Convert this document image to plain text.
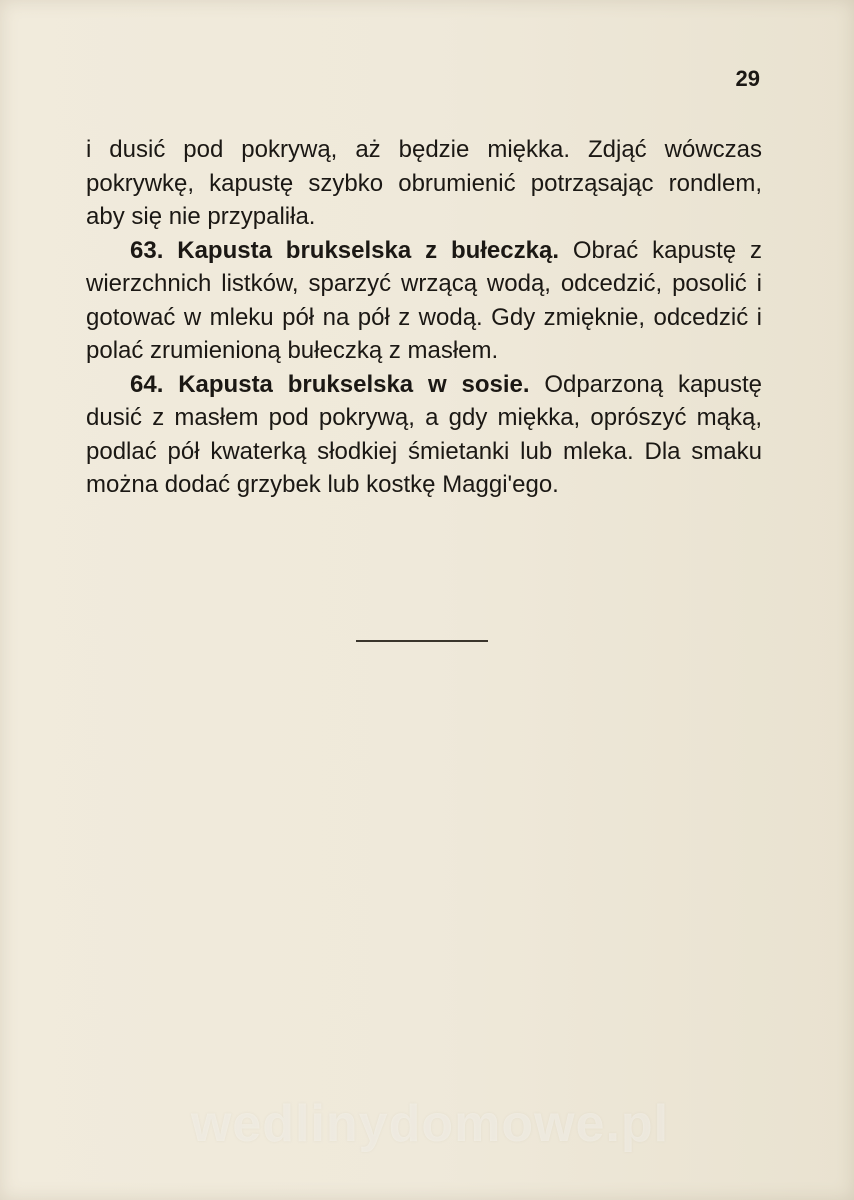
29

i dusić pod pokrywą, aż będzie miękka. Zdjąć wówczas pokrywkę, kapustę szybko obrumienić potrząsając rondlem, aby się nie przypaliła.

63. Kapusta brukselska z bułeczką. Obrać kapustę z wierzchnich listków, sparzyć wrzącą wodą, odcedzić, posolić i gotować w mleku pół na pół z wodą. Gdy zmięknie, odcedzić i polać zrumienioną bułeczką z masłem.

64. Kapusta brukselska w sosie. Odparzoną kapustę dusić z masłem pod pokrywą, a gdy miękka, oprószyć mąką, podlać pół kwaterką słodkiej śmietanki lub mleka. Dla smaku można dodać grzybek lub kostkę Maggi'ego.

wedlinydomowe.pl
